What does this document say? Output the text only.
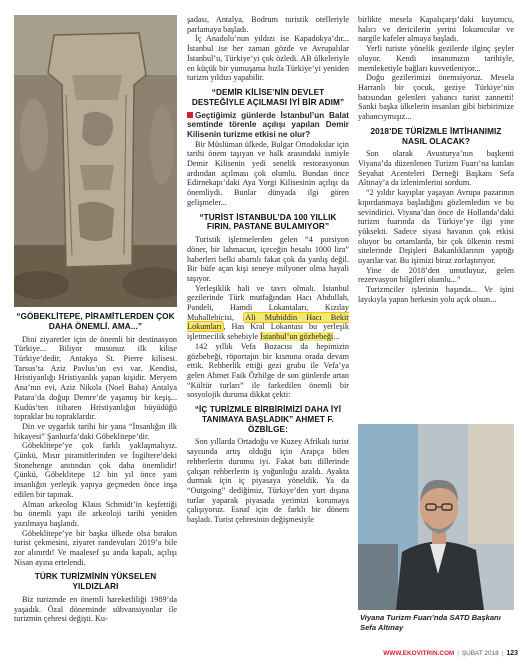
“GÖBEKLİTEPE, PİRAMİTLERDEN ÇOK DAHA ÖNEMLİ. AMA...”

Dini ziyaretler için de önemli bir destinasyon Türkiye... Biliyor musunuz ilk kilise Türkiye’dedir, Antakya St. Pierre kilisesi. Tarsus’ta Aziz Pavlus’un evi var. Kendisi, Hristiyanlığı Hristiyanlık yapan kişidir. Meryem Ana’nın evi, Aziz Nikola (Noel Baba) Antalya Patara’da doğup Demre’de yaşamış bir keşiş... Kudüs’ten itibaren Hristiyanlığın büyüdüğü topraklar bu topraklardır.

Din ve uygarlık tarihi bir yana “İnsanlığın ilk hikayesi” Şanlıurfa’daki Göbeklitepe’dir.

Göbeklitepe’ye çok farklı yaklaşmalıyız. Çünkü, Mısır piramitlerinden ve İngiltere’deki Stonehenge anıtından çok daha önemlidir! Çünkü, Göbeklitepe 12 bin yıl önce yani insanlığın yerleşik yapıya geçmeden önce inşa edilen bir tapınak.

Alman arkeolog Klaus Schmidt’in keşfettiği bu önemli yapı ile arkeoloji tarihi yeniden yazılmaya başlandı.

Göbeklitepe’ye bir başka ülkede olsa bırakın turist çekmesini, ziyaret randevuları 2019’a bile zor alınırdı! Ve maalesef şu anda kapalı, açılışı Nisan ayına ertelendi.

TÜRK TURİZMİNİN YÜKSELEN YILDIZLARI

Biz turizmde en önemli hareketliliği 1989’da yaşadık. Özal döneminde sübvansiyonlar ile turizmin çehresi değişti. Ku-

şadası, Antalya, Bodrum turistik otelleriyle parlamaya başladı.

İç Anadolu’nun yıldızı ise Kapadokya’dır... İstanbul ise her zaman gözde ve Avrupalılar İstanbul’u, Türkiye’yi çok özledi. AB ülkeleriyle en küçük bir yumuşama hızla Türkiye’yi yeniden turizm yıldızı yapabilir.

“DEMİR KİLİSE’NİN DEVLET DESTEĞİYLE AÇILMASI İYİ BİR ADIM”

Geçtiğimiz günlerde İstanbul’un Balat semtinde törenle açılışı yapılan Demir Kilisenin turizme etkisi ne olur?

Bir Müslüman ülkede, Bulgar Ortodokslar için tarihi önem taşıyan ve halk arasındaki ismiyle Demir Kilisenin yedi senelik restorasyonun ardından açılması çok olumlu. Bundan önce Edirnekapı’daki Aya Yorgi Kilisesinin açılışı da önemliydi. Bunlar dünyada ilgi gören gelişmeler...

“TURİST İSTANBUL’DA 100 YILLIK FIRIN, PASTANE BULAMIYOR”

Turistik işletmelerden gelen “4 porsiyon döner, bir lahmacun, içeceğin hesabı 1000 lira” haberleri belki abartılı fakat çok da yanlış değil. Bir büfe açan kişi seneye milyoner olma hayali taşıyor.

Yerleşiklik hali ve tavrı olmalı. İstanbul gezilerinde Türk mutfağından Hacı Abdullah, Pandeli, Hamdi Lokantaları, Kızılay Muhallebicisi, Ali Muhiddin Hacı Bekir Lokumları , Has Kral Lokantası bu yerleşik işletmecilik sebebiyle İstanbul’un gözbebeği...

142 yıllık Vefa Bozacısı da hepimizin gözbebeği, röportajın bir kısmına orada devam ettik. Rehberlik ettiği gezi grubu ile Vefa’ya gelen Ahmet Faik Özbilge de son günlerde artan “Kültür turları” ile farkedilen önemli bir sosyolojik duruma dikkat çekti:

“İÇ TURİZMLE BİRBİRİMİZİ DAHA İYİ TANIMAYA BAŞLADIK” AHMET F. ÖZBİLGE:

Son yıllarda Ortadoğu ve Kuzey Afrikalı turist sayısında artış olduğu için Arapça bilen rehberlerin durumu iyi. Fakat batı dillerinde çalışan rehberlerin iş yoğunluğu azaldı. Ayakta durmak için iç piyasaya yöneldik. Ya da “Outgoing” dediğimiz, Türkiye’den yurt dışına turlar yaparak piyasada yerimizi korumaya çalışıyoruz. Esnaf için de farklı bir dönem başladı. Turist çehresinin değişmesiyle

birlikte mesela Kapalıçarşı’daki kuyumcu, halıcı ve dericilerin yerini lokumcular ve nargile kafeler almaya başladı.

Yerli turiste yönelik gezilerde ilginç şeyler oluyor. Kendi insanımızın tarihiyle, memleketiyle bağları kuvvetleniyor...

Doğu gezilerimizi önemsiyoruz. Mesela Harranlı bir çocuk, geziye Türkiye’nin batısından gelenleri yabancı turist zannetti! Sanki başka ülkelerin insanları gibi birbirimize yabancıymışız...

2018’DE TÜRİZMLE İMTİHANIMIZ NASIL OLACAK?

Son olarak Avusturya’nın başkenti Viyana’da düzenlenen Turizm Fuarı’na katılan Seyahat Acenteleri Derneği Başkanı Sefa Altınay’a da izlenimlerini sordum.

“2 yıldır kayıplar yaşayan Avrupa pazarının kıpırdanmaya başladığını gözlemledim ve bu sevindirici. Viyana’dan önce de Hollanda’daki turizm fuarında da Türkiye’ye ilgi yine yüksekti. Sadece siyasi havanın çok etkisi oluyor bu ortamlarda, bir çok ülkenin resmi sitelerinde Dışişleri Bakanlıklarının yaptığı uyarılar var. Bu işimizi biraz zorlaştırıyor.

Yine de 2018’den umutluyuz, gelen rezervasyon bilgileri olumlu...”

Turizmciler işlerinin başında... Ve işini layıkıyla yapan herkesin yolu açık olsun...

Viyana Turizm Fuarı’nda SATD Başkanı Sefa Altınay
WWW.EKOVITRIN.COM | ŞUBAT 2018 | 123
